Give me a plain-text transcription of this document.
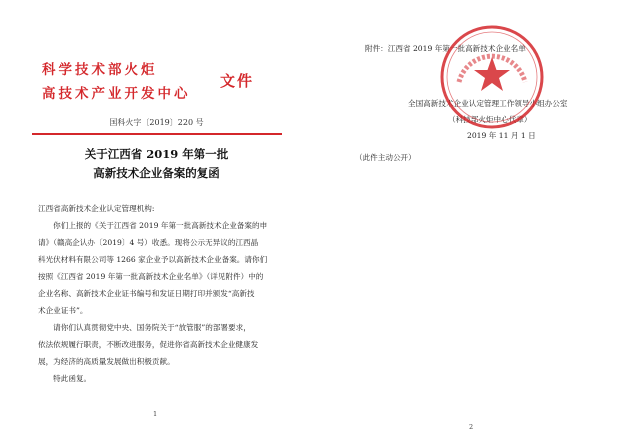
科学技术部火炬
高技术产业开发中心
文件
国科火字〔2019〕220 号
关于江西省 2019 年第一批
高新技术企业备案的复函
江西省高新技术企业认定管理机构:
　　你们上报的《关于江西省 2019 年第一批高新技术企业备案的申
请》（赣高企认办〔2019〕4 号）收悉。现将公示无异议的江西晶
科光伏材料有限公司等 1266 家企业予以高新技术企业备案。请你们
按照《江西省 2019 年第一批高新技术企业名单》（详见附件）中的
企业名称、高新技术企业证书编号和发证日期打印并颁发“高新技
术企业证书”。
　　请你们认真贯彻党中央、国务院关于“放管服”的部署要求，
依法依规履行职责，不断改进服务，促进你省高新技术企业健康发
展，为经济的高质量发展做出积极贡献。
　　特此函复。
1
附件：江西省 2019 年第一批高新技术企业名单
全国高新技术企业认定管理工作领导小组办公室
（科技部火炬中心代章）
2019 年 11 月 1 日
（此件主动公开）
2
